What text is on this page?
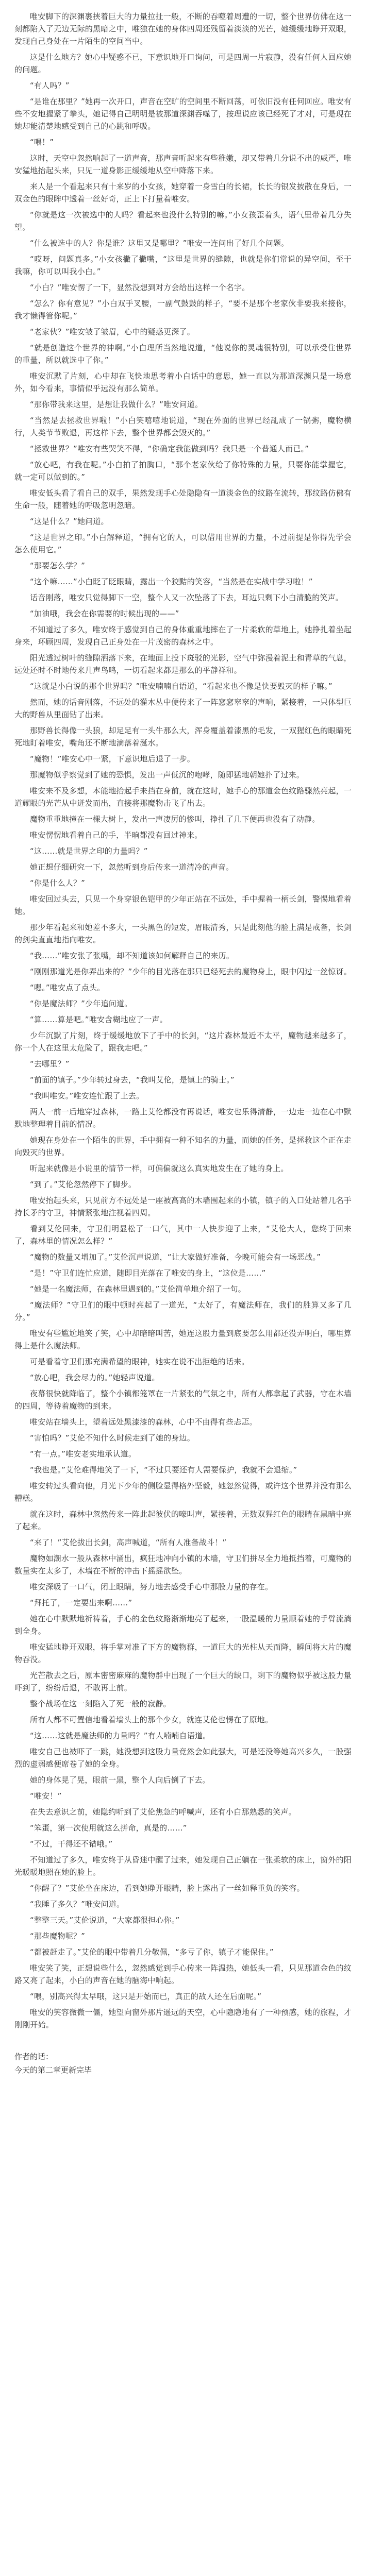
唯安脚下的深渊裹挟着巨大的力量拉扯一般，不断的吞噬着周遭的一切，整个世界仿佛在这一刻都陷入了无边无际的黑暗之中，唯独在她的身体四周还残留着淡淡的光芒，她缓缓地睁开双眼，发现自己身处在一片陌生的空间当中。

这是什么地方？她心中疑惑不已，下意识地开口询问，可是四周一片寂静，没有任何人回应她的问题。

“有人吗？”

“是谁在那里？”她再一次开口，声音在空旷的空间里不断回荡，可依旧没有任何回应。唯安有些不安地握紧了拳头，她记得自己明明是被那道深渊吞噬了，按理说应该已经死了才对，可是现在她却能清楚地感受到自己的心跳和呼吸。

“喂！”

这时，天空中忽然响起了一道声音，那声音听起来有些稚嫩，却又带着几分说不出的威严，唯安猛地抬起头来，只见一道身影正缓缓地从空中降落下来。

来人是一个看起来只有十来岁的小女孩，她穿着一身雪白的长裙，长长的银发披散在身后，一双金色的眼眸中透着一丝好奇，正上下打量着唯安。

“你就是这一次被选中的人吗？看起来也没什么特别的嘛。”小女孩歪着头，语气里带着几分失望。

“什么被选中的人？你是谁？这里又是哪里？”唯安一连问出了好几个问题。

“哎呀，问题真多。”小女孩撇了撇嘴，“这里是世界的缝隙，也就是你们常说的异空间，至于我嘛，你可以叫我小白。”

“小白？”唯安愣了一下，显然没想到对方会给出这样一个名字。

“怎么？你有意见？”小白双手叉腰，一副气鼓鼓的样子，“要不是那个老家伙非要我来接你，我才懒得管你呢。”

“老家伙？”唯安皱了皱眉，心中的疑惑更深了。

“就是创造这个世界的神啊。”小白理所当然地说道，“他说你的灵魂很特别，可以承受住世界的重量，所以就选中了你。”

唯安沉默了片刻，心中却在飞快地思考着小白话中的意思，她一直以为那道深渊只是一场意外，如今看来，事情似乎远没有那么简单。

“那你带我来这里，是想让我做什么？”唯安问道。

“当然是去拯救世界啦！”小白笑嘻嘻地说道，“现在外面的世界已经乱成了一锅粥，魔物横行，人类节节败退，再这样下去，整个世界都会毁灭的。”

“拯救世界？”唯安有些哭笑不得，“你确定我能做到吗？我只是一个普通人而已。”

“放心吧，有我在呢。”小白拍了拍胸口，“那个老家伙给了你特殊的力量，只要你能掌握它，就一定可以做到的。”

唯安低头看了看自己的双手，果然发现手心处隐隐有一道淡金色的纹路在流转，那纹路仿佛有生命一般，随着她的呼吸忽明忽暗。

“这是什么？”她问道。

“这是世界之印。”小白解释道，“拥有它的人，可以借用世界的力量，不过前提是你得先学会怎么使用它。”

“那要怎么学？”

“这个嘛……”小白眨了眨眼睛，露出一个狡黠的笑容，“当然是在实战中学习啦！”

话音刚落，唯安只觉得脚下一空，整个人又一次坠落了下去，耳边只剩下小白清脆的笑声。

“加油哦，我会在你需要的时候出现的——”

不知道过了多久，唯安终于感觉到自己的身体重重地摔在了一片柔软的草地上，她挣扎着坐起身来，环顾四周，发现自己正身处在一片茂密的森林之中。

阳光透过树叶的缝隙洒落下来，在地面上投下斑驳的光影，空气中弥漫着泥土和青草的气息，远处还时不时地传来几声鸟鸣，一切看起来都是那么的平静祥和。

“这就是小白说的那个世界吗？”唯安喃喃自语道，“看起来也不像是快要毁灭的样子嘛。”

然而，她的话音刚落，不远处的灌木丛中便传来了一阵窸窸窣窣的声响，紧接着，一只体型巨大的野兽从里面钻了出来。

那野兽长得像一头狼，却足足有一头牛那么大，浑身覆盖着漆黑的毛发，一双猩红色的眼睛死死地盯着唯安，嘴角还不断地滴落着涎水。

“魔物！”唯安心中一紧，下意识地后退了一步。

那魔物似乎察觉到了她的恐惧，发出一声低沉的咆哮，随即猛地朝她扑了过来。

唯安来不及多想，本能地抬起手来挡在身前，就在这时，她手心的那道金色纹路骤然亮起，一道耀眼的光芒从中迸发而出，直接将那魔物击飞了出去。

魔物重重地撞在一棵大树上，发出一声凄厉的惨叫，挣扎了几下便再也没有了动静。

唯安愣愣地看着自己的手，半晌都没有回过神来。

“这……就是世界之印的力量吗？”

她正想仔细研究一下，忽然听到身后传来一道清冷的声音。

“你是什么人？”

唯安回过头去，只见一个身穿银色铠甲的少年正站在不远处，手中握着一柄长剑，警惕地看着她。

那少年看起来和她差不多大，一头黑色的短发，眉眼清秀，只是此刻他的脸上满是戒备，长剑的剑尖直直地指向唯安。

“我……”唯安张了张嘴，却不知道该如何解释自己的来历。

“刚刚那道光是你弄出来的？”少年的目光落在那只已经死去的魔物身上，眼中闪过一丝惊讶。

“嗯。”唯安点了点头。

“你是魔法师？”少年追问道。

“算……算是吧。”唯安含糊地应了一声。

少年沉默了片刻，终于缓缓地放下了手中的长剑，“这片森林最近不太平，魔物越来越多了，你一个人在这里太危险了，跟我走吧。”

“去哪里？”

“前面的镇子。”少年转过身去，“我叫艾伦，是镇上的骑士。”

“我叫唯安。”唯安连忙跟了上去。

两人一前一后地穿过森林，一路上艾伦都没有再说话，唯安也乐得清静，一边走一边在心中默默地整理着目前的情况。

她现在身处在一个陌生的世界，手中拥有一种不知名的力量，而她的任务，是拯救这个正在走向毁灭的世界。

听起来就像是小说里的情节一样，可偏偏就这么真实地发生在了她的身上。

“到了。”艾伦忽然停下了脚步。

唯安抬起头来，只见前方不远处是一座被高高的木墙围起来的小镇，镇子的入口处站着几名手持长矛的守卫，神情紧张地注视着四周。

看到艾伦回来，守卫们明显松了一口气，其中一人快步迎了上来，“艾伦大人，您终于回来了，森林里的情况怎么样？”

“魔物的数量又增加了。”艾伦沉声说道，“让大家做好准备，今晚可能会有一场恶战。”

“是！”守卫们连忙应道，随即目光落在了唯安的身上，“这位是……”

“她是一名魔法师，在森林里遇到的。”艾伦简单地介绍了一句。

“魔法师？”守卫们的眼中顿时亮起了一道光，“太好了，有魔法师在，我们的胜算又多了几分。”

唯安有些尴尬地笑了笑，心中却暗暗叫苦，她连这股力量到底要怎么用都还没弄明白，哪里算得上是什么魔法师。

可是看着守卫们那充满希望的眼神，她实在说不出拒绝的话来。

“放心吧，我会尽力的。”她轻声说道。

夜幕很快就降临了，整个小镇都笼罩在一片紧张的气氛之中，所有人都拿起了武器，守在木墙的四周，等待着魔物的到来。

唯安站在墙头上，望着远处黑漆漆的森林，心中不由得有些忐忑。

“害怕吗？”艾伦不知什么时候走到了她的身边。

“有一点。”唯安老实地承认道。

“我也是。”艾伦难得地笑了一下，“不过只要还有人需要保护，我就不会退缩。”

唯安转过头看向他，月光下少年的侧脸显得格外坚毅，她忽然觉得，或许这个世界并没有那么糟糕。

就在这时，森林中忽然传来一阵此起彼伏的嚎叫声，紧接着，无数双猩红色的眼睛在黑暗中亮了起来。

“来了！”艾伦拔出长剑，高声喊道，“所有人准备战斗！”

魔物如潮水一般从森林中涌出，疯狂地冲向小镇的木墙，守卫们拼尽全力地抵挡着，可魔物的数量实在太多了，木墙在不断的冲击下摇摇欲坠。

唯安深吸了一口气，闭上眼睛，努力地去感受手心中那股力量的存在。

“拜托了，一定要出来啊……”

她在心中默默地祈祷着，手心的金色纹路渐渐地亮了起来，一股温暖的力量顺着她的手臂流淌到全身。

唯安猛地睁开双眼，将手掌对准了下方的魔物群，一道巨大的光柱从天而降，瞬间将大片的魔物吞没。

光芒散去之后，原本密密麻麻的魔物群中出现了一个巨大的缺口，剩下的魔物似乎被这股力量吓到了，纷纷后退，不敢再上前。

整个战场在这一刻陷入了死一般的寂静。

所有人都不可置信地看着墙头上的那个少女，就连艾伦也愣在了原地。

“这……这就是魔法师的力量吗？”有人喃喃自语道。

唯安自己也被吓了一跳，她没想到这股力量竟然会如此强大，可是还没等她高兴多久，一股强烈的虚弱感便席卷了她的全身。

她的身体晃了晃，眼前一黑，整个人向后倒了下去。

“唯安！”

在失去意识之前，她隐约听到了艾伦焦急的呼喊声，还有小白那熟悉的笑声。

“笨蛋，第一次使用就这么拼命，真是的……”

“不过，干得还不错哦。”

不知道过了多久，唯安终于从昏迷中醒了过来，她发现自己正躺在一张柔软的床上，窗外的阳光暖暖地照在她的脸上。

“你醒了？”艾伦坐在床边，看到她睁开眼睛，脸上露出了一丝如释重负的笑容。

“我睡了多久？”唯安问道。

“整整三天。”艾伦说道，“大家都很担心你。”

“那些魔物呢？”

“都被赶走了。”艾伦的眼中带着几分敬佩，“多亏了你，镇子才能保住。”

唯安笑了笑，正想说些什么，忽然感觉到手心传来一阵温热，她低头一看，只见那道金色的纹路又亮了起来，小白的声音在她的脑海中响起。

“喂，别高兴得太早哦，这只是开始而已，真正的敌人还在后面呢。”

唯安的笑容微微一僵，她望向窗外那片遥远的天空，心中隐隐地有了一种预感，她的旅程，才刚刚开始。

作者的话：

今天的第二章更新完毕
